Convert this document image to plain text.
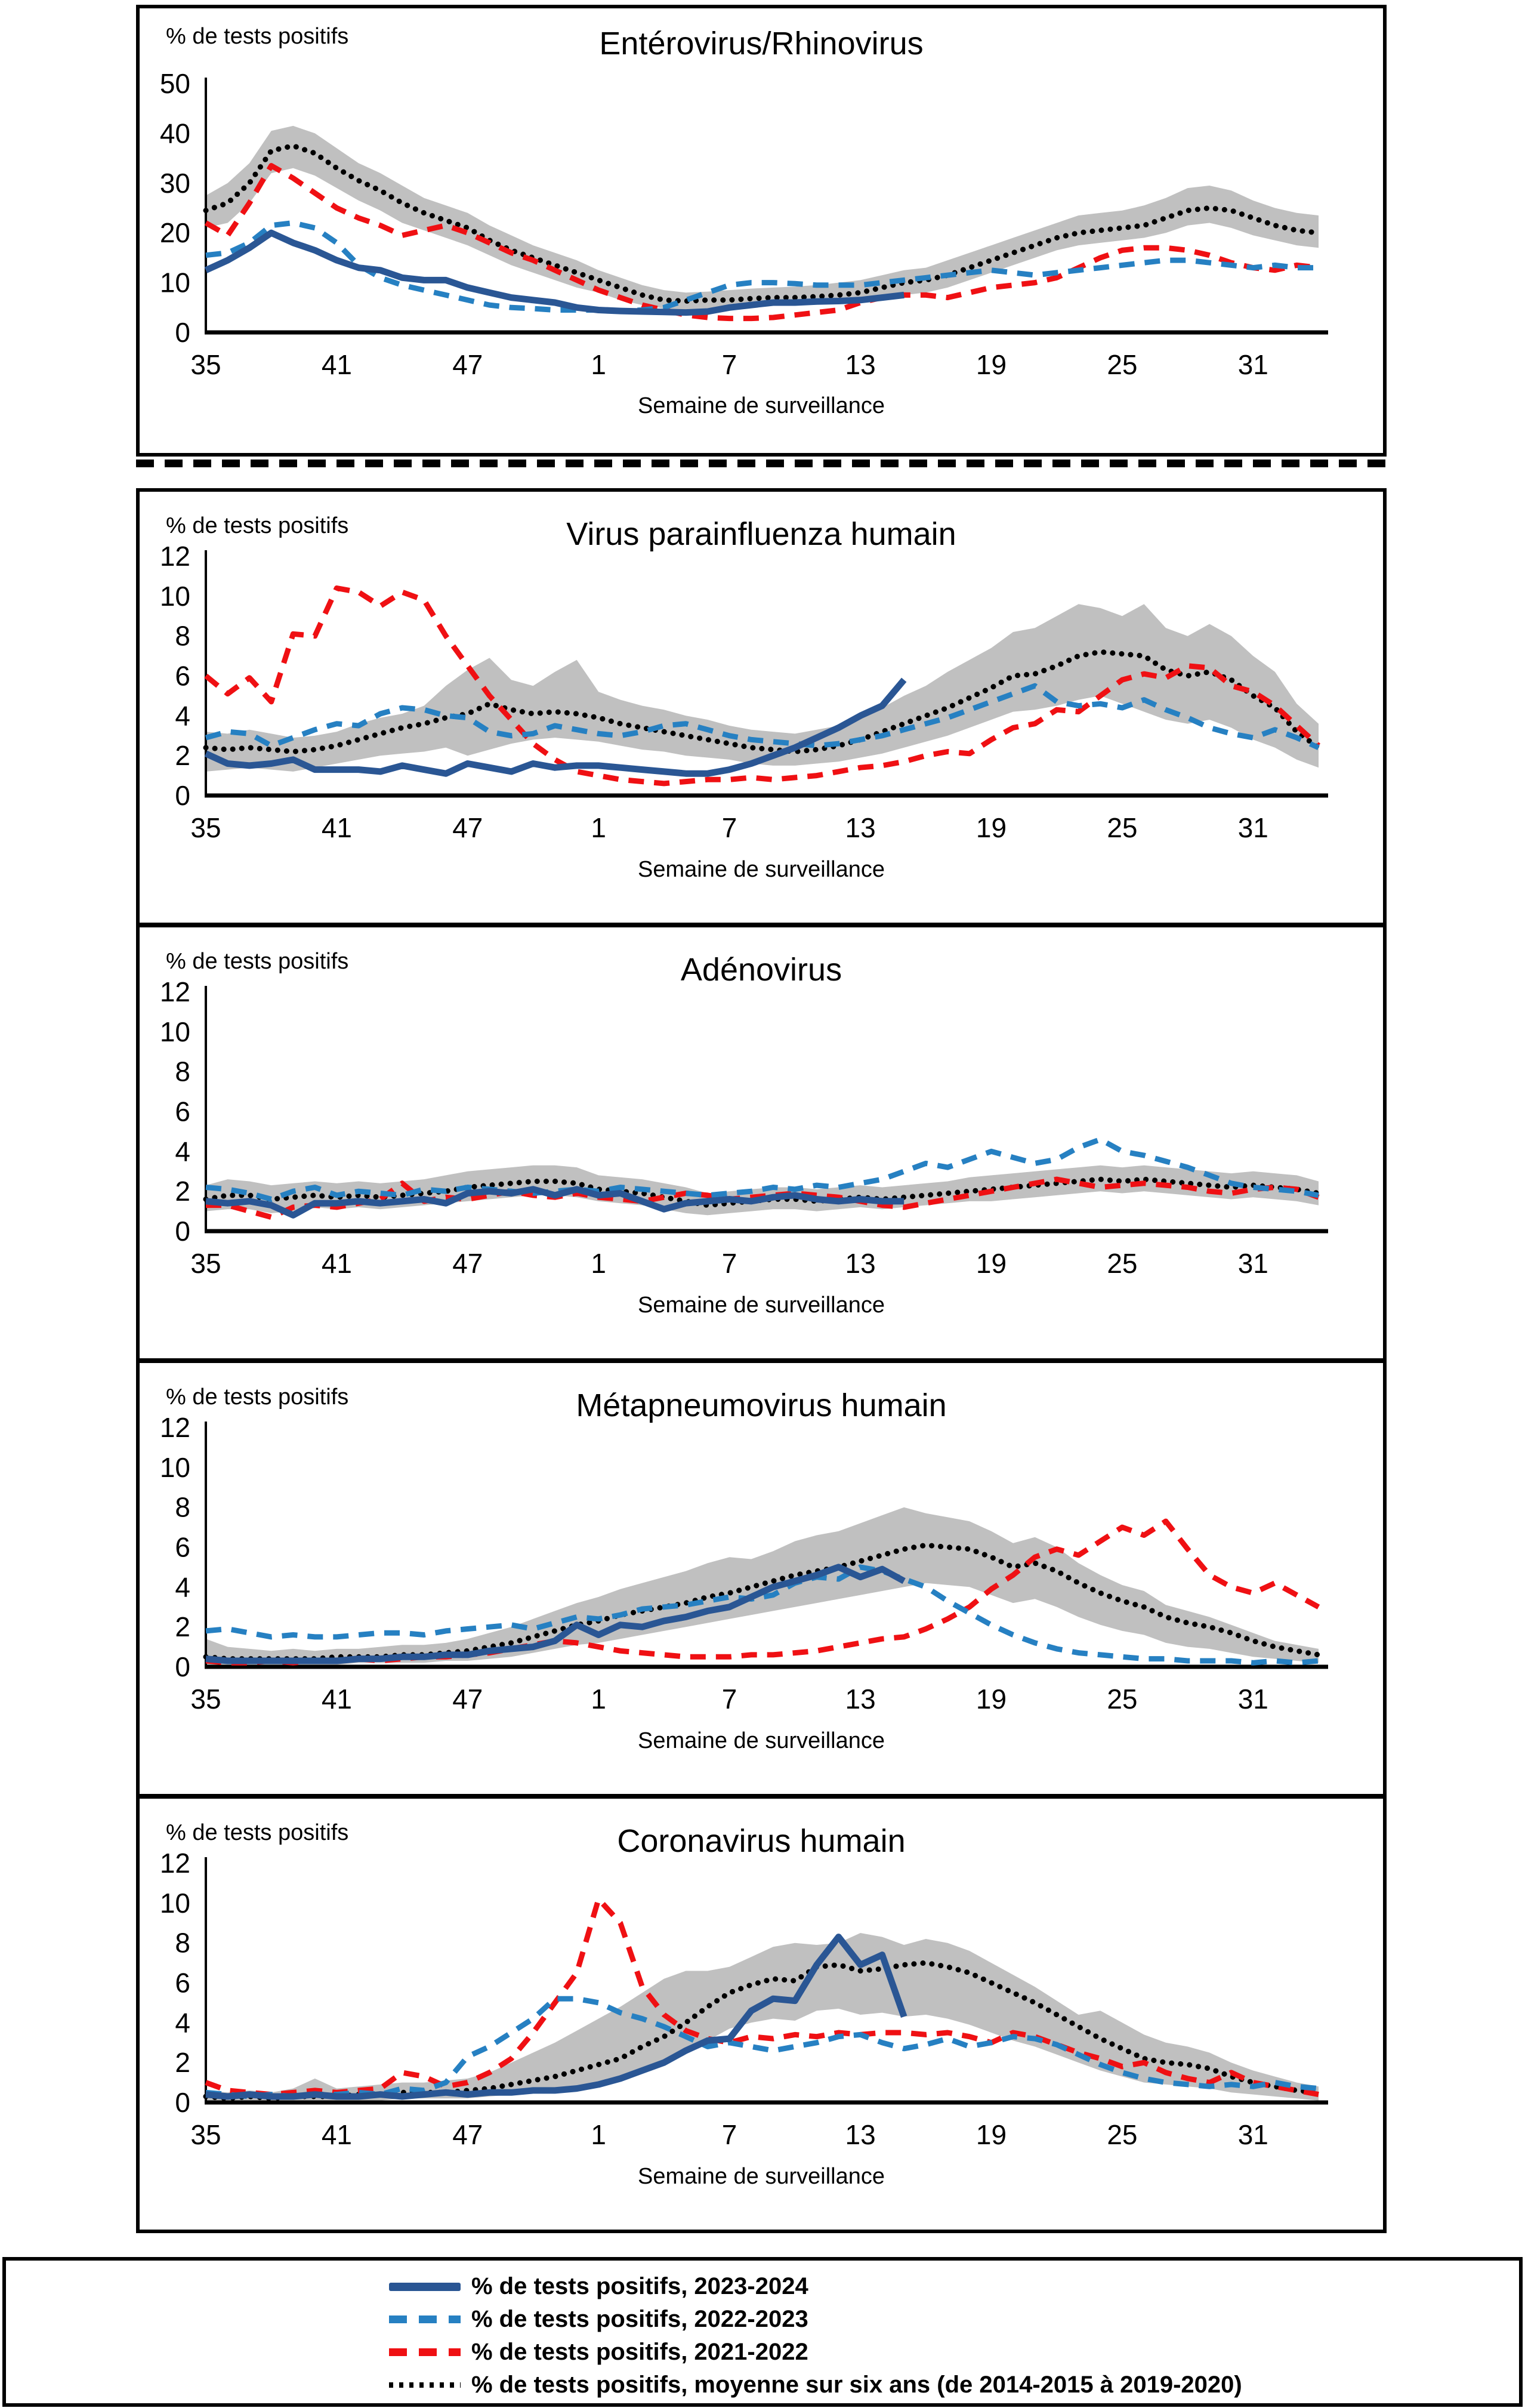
% de tests positifs	Entérovirus/Rhinovirus
0
10
20
30
40
50
35	41	47	1	7	13	19	25	31
Semaine de surveillance
% de tests positifs	Virus parainfluenza humain
0
2
4
6
8
10
12
35	41	47	1	7	13	19	25	31
Semaine de surveillance
% de tests positifs	Adénovirus
0
2
4
6
8
10
12
35	41	47	1	7	13	19	25	31
Semaine de surveillance
% de tests positifs	Métapneumovirus humain
0
2
4
6
8
10
12
35	41	47	1	7	13	19	25	31
Semaine de surveillance
% de tests positifs	Coronavirus humain
0
2
4
6
8
10
12
35	41	47	1	7	13	19	25	31
Semaine de surveillance
% de tests positifs, 2023-2024
% de tests positifs, 2022-2023
% de tests positifs, 2021-2022
% de tests positifs, moyenne sur six ans (de 2014-2015 à 2019-2020)
